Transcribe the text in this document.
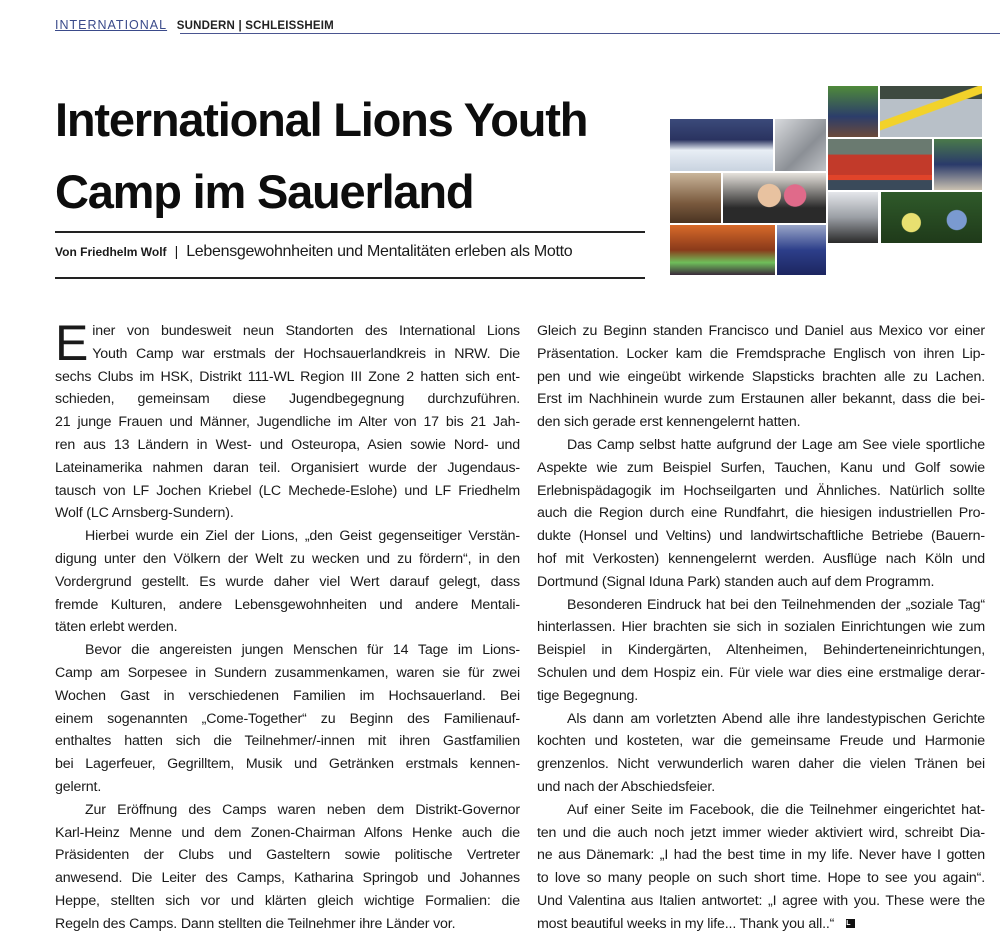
INTERNATIONAL SUNDERN | SCHLEISSHEIM
International Lions Youth
Camp im Sauerland
Von Friedhelm Wolf | Lebensgewohnheiten und Mentalitäten erleben als Motto
E iner von bundesweit neun Standorten des International Lions
Youth Camp war erstmals der Hochsauerlandkreis in NRW. Die
sechs Clubs im HSK, Distrikt 111-WL Region III Zone 2 hatten sich ent-
schieden, gemeinsam diese Jugendbegegnung durchzuführen.
21 junge Frauen und Männer, Jugendliche im Alter von 17 bis 21 Jah-
ren aus 13 Ländern in West- und Osteuropa, Asien sowie Nord- und
Lateinamerika nahmen daran teil. Organisiert wurde der Jugendaus-
tausch von LF Jochen Kriebel (LC Mechede-Eslohe) und LF Friedhelm
Wolf (LC Arnsberg-Sundern).
Hierbei wurde ein Ziel der Lions, „den Geist gegenseitiger Verstän-
digung unter den Völkern der Welt zu wecken und zu fördern“, in den
Vordergrund gestellt. Es wurde daher viel Wert darauf gelegt, dass
fremde Kulturen, andere Lebensgewohnheiten und andere Mentali-
täten erlebt werden.
Bevor die angereisten jungen Menschen für 14 Tage im Lions-
Camp am Sorpesee in Sundern zusammenkamen, waren sie für zwei
Wochen Gast in verschiedenen Familien im Hochsauerland. Bei
einem sogenannten „Come-Together“ zu Beginn des Familienauf-
enthaltes hatten sich die Teilnehmer/-innen mit ihren Gastfamilien
bei Lagerfeuer, Gegrilltem, Musik und Getränken erstmals kennen-
gelernt.
Zur Eröffnung des Camps waren neben dem Distrikt-Governor
Karl-Heinz Menne und dem Zonen-Chairman Alfons Henke auch die
Präsidenten der Clubs und Gasteltern sowie politische Vertreter
anwesend. Die Leiter des Camps, Katharina Springob und Johannes
Heppe, stellten sich vor und klärten gleich wichtige Formalien: die
Regeln des Camps. Dann stellten die Teilnehmer ihre Länder vor.
Gleich zu Beginn standen Francisco und Daniel aus Mexico vor einer
Präsentation. Locker kam die Fremdsprache Englisch von ihren Lip-
pen und wie eingeübt wirkende Slapsticks brachten alle zu Lachen.
Erst im Nachhinein wurde zum Erstaunen aller bekannt, dass die bei-
den sich gerade erst kennengelernt hatten.
Das Camp selbst hatte aufgrund der Lage am See viele sportliche
Aspekte wie zum Beispiel Surfen, Tauchen, Kanu und Golf sowie
Erlebnispädagogik im Hochseilgarten und Ähnliches. Natürlich sollte
auch die Region durch eine Rundfahrt, die hiesigen industriellen Pro-
dukte (Honsel und Veltins) und landwirtschaftliche Betriebe (Bauern-
hof mit Verkosten) kennengelernt werden. Ausflüge nach Köln und
Dortmund (Signal Iduna Park) standen auch auf dem Programm.
Besonderen Eindruck hat bei den Teilnehmenden der „soziale Tag“
hinterlassen. Hier brachten sie sich in sozialen Einrichtungen wie zum
Beispiel in Kindergärten, Altenheimen, Behinderteneinrichtungen,
Schulen und dem Hospiz ein. Für viele war dies eine erstmalige derar-
tige Begegnung.
Als dann am vorletzten Abend alle ihre landestypischen Gerichte
kochten und kosteten, war die gemeinsame Freude und Harmonie
grenzenlos. Nicht verwunderlich waren daher die vielen Tränen bei
und nach der Abschiedsfeier.
Auf einer Seite im Facebook, die die Teilnehmer eingerichtet hat-
ten und die auch noch jetzt immer wieder aktiviert wird, schreibt Dia-
ne aus Dänemark: „I had the best time in my life. Never have I gotten
to love so many people on such short time. Hope to see you again“.
Und Valentina aus Italien antwortet: „I agree with you. These were the
most beautiful weeks in my life... Thank you all..“ L
